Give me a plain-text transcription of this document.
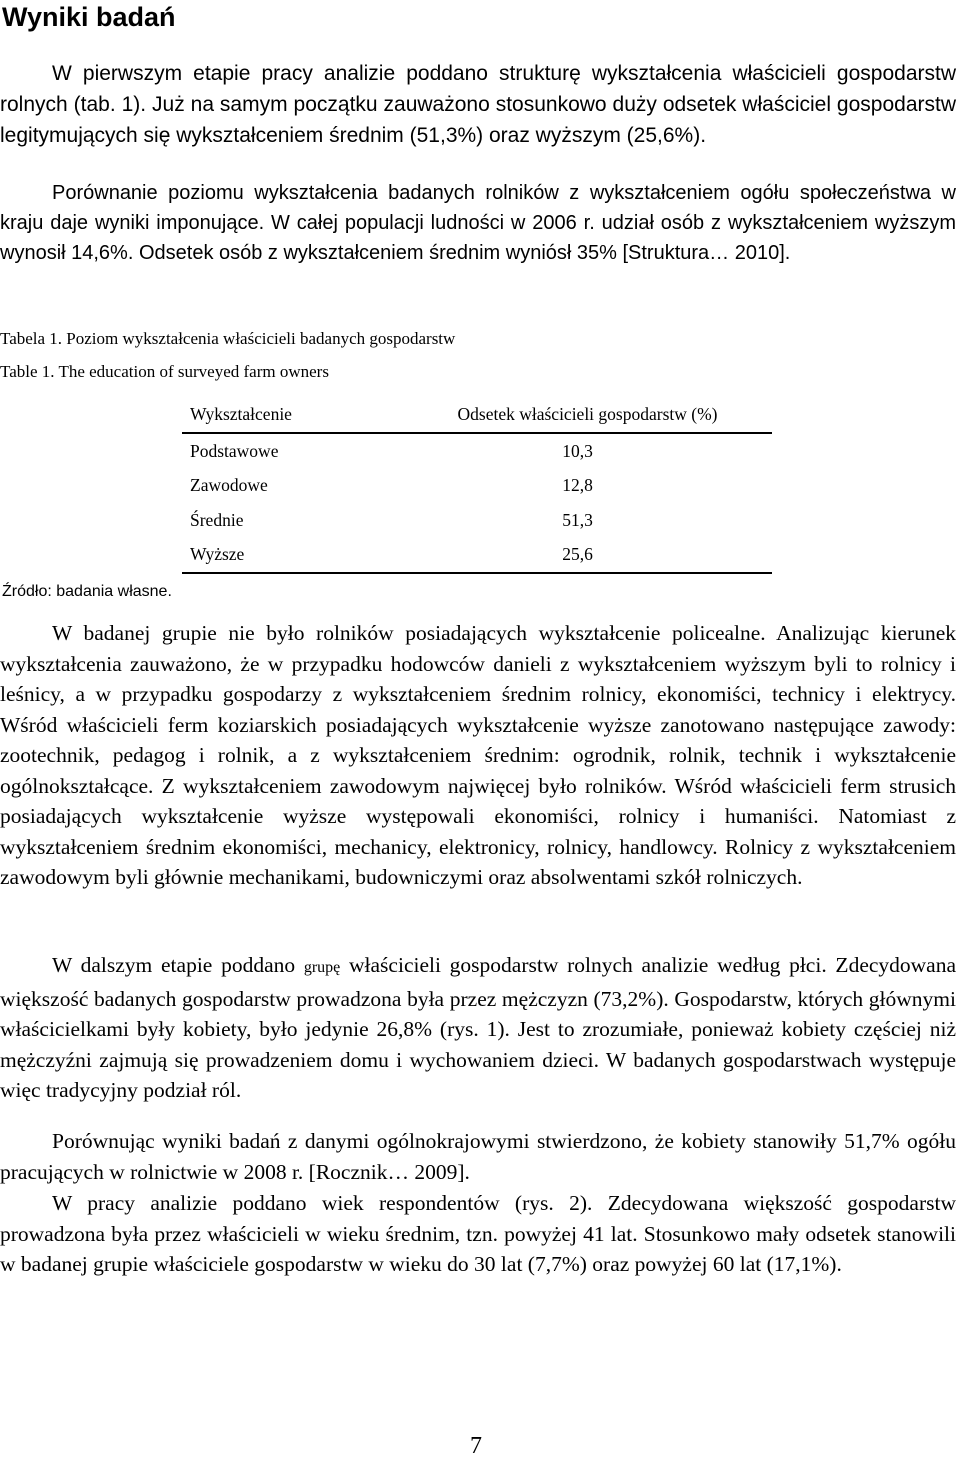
Wyniki badań

W pierwszym etapie pracy analizie poddano strukturę wykształcenia właścicieli gospodarstw rolnych (tab. 1). Już na samym początku zauważono stosunkowo duży odsetek właściciel gospodarstw legitymujących się wykształceniem średnim (51,3%) oraz wyższym (25,6%).

Porównanie poziomu wykształcenia badanych rolników z wykształceniem ogółu społeczeństwa w kraju daje wyniki imponujące. W całej populacji ludności w 2006 r. udział osób z wykształceniem wyższym wynosił 14,6%. Odsetek osób z wykształceniem średnim wyniósł 35% [Struktura… 2010].

Tabela 1. Poziom wykształcenia właścicieli badanych gospodarstw

Table 1. The education of surveyed farm owners

Wykształcenie	Odsetek właścicieli gospodarstw (%)
Podstawowe	10,3
Zawodowe	12,8
Średnie	51,3
Wyższe	25,6

Źródło: badania własne.

W badanej grupie nie było rolników posiadających wykształcenie policealne. Analizując kierunek wykształcenia zauważono, że w przypadku hodowców danieli z wykształceniem wyższym byli to rolnicy i leśnicy, a w przypadku gospodarzy z wykształceniem średnim rolnicy, ekonomiści, technicy i elektrycy. Wśród właścicieli ferm koziarskich posiadających wykształcenie wyższe zanotowano następujące zawody: zootechnik, pedagog i rolnik, a z wykształceniem średnim: ogrodnik, rolnik, technik i wykształcenie ogólnokształcące. Z wykształceniem zawodowym najwięcej było rolników. Wśród właścicieli ferm strusich posiadających wykształcenie wyższe występowali ekonomiści, rolnicy i humaniści. Natomiast z wykształceniem średnim ekonomiści, mechanicy, elektronicy, rolnicy, handlowcy. Rolnicy z wykształceniem zawodowym byli głównie mechanikami, budowniczymi oraz absolwentami szkół rolniczych.

W dalszym etapie poddano grupę właścicieli gospodarstw rolnych analizie według płci. Zdecydowana większość badanych gospodarstw prowadzona była przez mężczyzn (73,2%). Gospodarstw, których głównymi właścicielkami były kobiety, było jedynie 26,8% (rys. 1). Jest to zrozumiałe, ponieważ kobiety częściej niż mężczyźni zajmują się prowadzeniem domu i wychowaniem dzieci. W badanych gospodarstwach występuje więc tradycyjny podział ról.

Porównując wyniki badań z danymi ogólnokrajowymi stwierdzono, że kobiety stanowiły 51,7% ogółu pracujących w rolnictwie w 2008 r. [Rocznik… 2009].

W pracy analizie poddano wiek respondentów (rys. 2). Zdecydowana większość gospodarstw prowadzona była przez właścicieli w wieku średnim, tzn. powyżej 41 lat. Stosunkowo mały odsetek stanowili w badanej grupie właściciele gospodarstw w wieku do 30 lat (7,7%) oraz powyżej 60 lat (17,1%).

7
